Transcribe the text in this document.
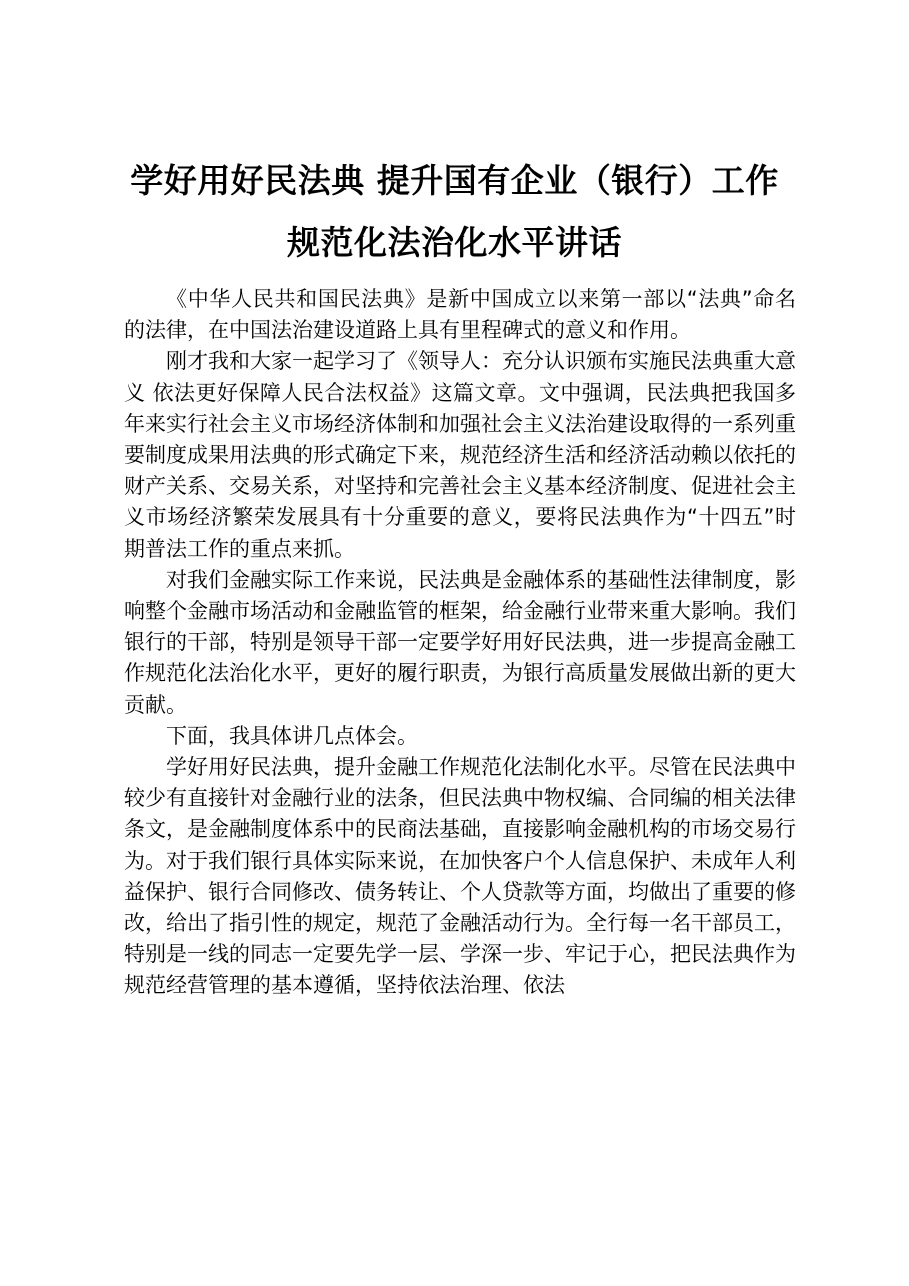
学好用好民法典 提升国有企业（银行）工作
规范化法治化水平讲话

《中华人民共和国民法典》是新中国成立以来第一部以“法典”命名的法律，在中国法治建设道路上具有里程碑式的意义和作用。

刚才我和大家一起学习了《领导人：充分认识颁布实施民法典重大意义 依法更好保障人民合法权益》这篇文章。文中强调，民法典把我国多年来实行社会主义市场经济体制和加强社会主义法治建设取得的一系列重要制度成果用法典的形式确定下来，规范经济生活和经济活动赖以依托的财产关系、交易关系，对坚持和完善社会主义基本经济制度、促进社会主义市场经济繁荣发展具有十分重要的意义，要将民法典作为“十四五”时期普法工作的重点来抓。

对我们金融实际工作来说，民法典是金融体系的基础性法律制度，影响整个金融市场活动和金融监管的框架，给金融行业带来重大影响。我们银行的干部，特别是领导干部一定要学好用好民法典，进一步提高金融工作规范化法治化水平，更好的履行职责，为银行高质量发展做出新的更大贡献。

下面，我具体讲几点体会。

学好用好民法典，提升金融工作规范化法制化水平。尽管在民法典中较少有直接针对金融行业的法条，但民法典中物权编、合同编的相关法律条文，是金融制度体系中的民商法基础，直接影响金融机构的市场交易行为。对于我们银行具体实际来说，在加快客户个人信息保护、未成年人利益保护、银行合同修改、债务转让、个人贷款等方面，均做出了重要的修改，给出了指引性的规定，规范了金融活动行为。全行每一名干部员工，特别是一线的同志一定要先学一层、学深一步、牢记于心，把民法典作为规范经营管理的基本遵循，坚持依法治理、依法
